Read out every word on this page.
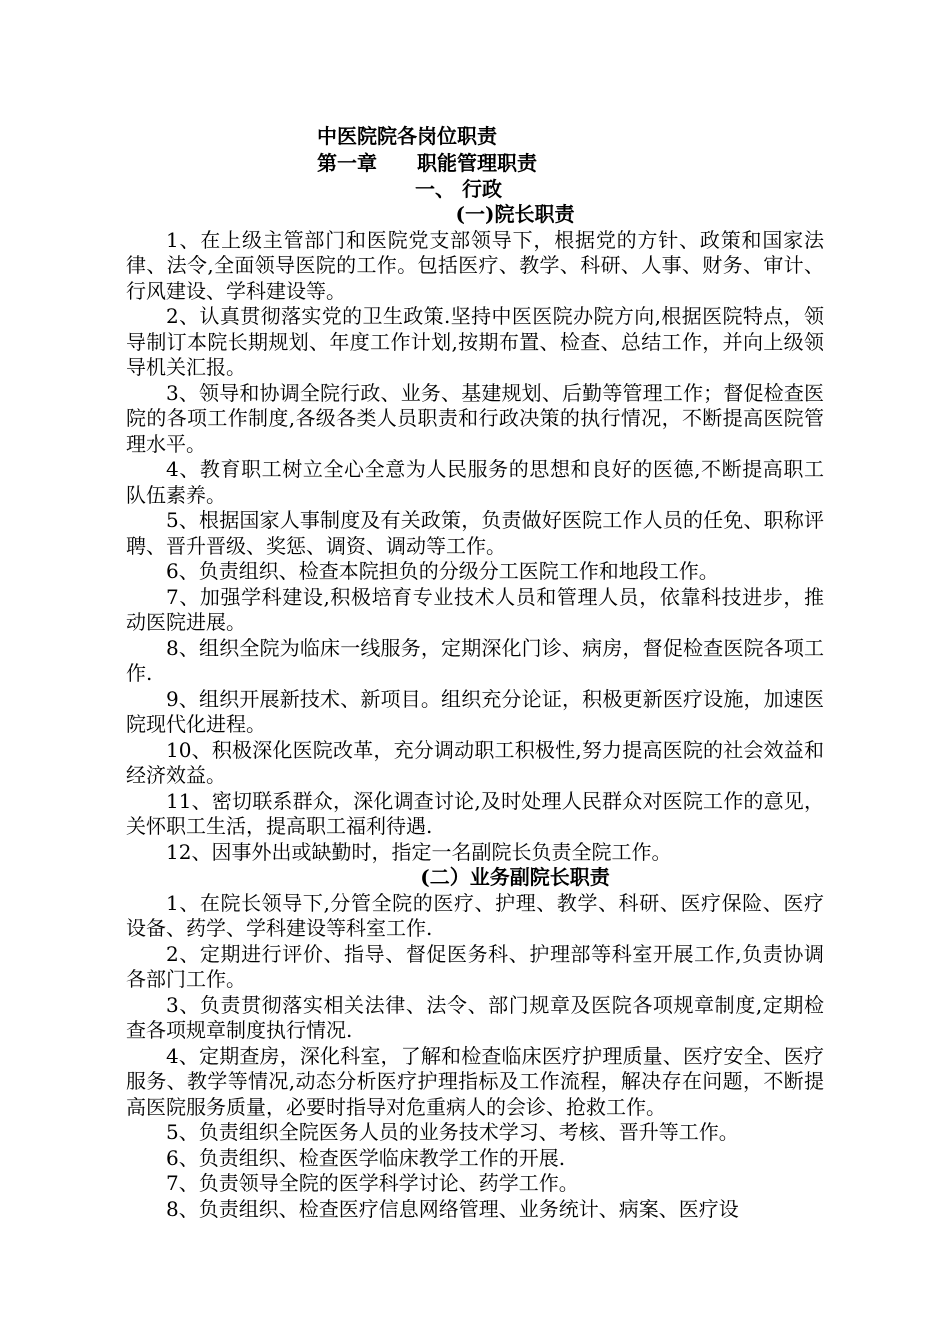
中医院院各岗位职责
第一章　　职能管理职责
一、 行政
(一)院长职责

1、在上级主管部门和医院党支部领导下，根据党的方针、政策和国家法律、法令,全面领导医院的工作。包括医疗、教学、科研、人事、财务、审计、行风建设、学科建设等。

2、认真贯彻落实党的卫生政策.坚持中医医院办院方向,根据医院特点，领导制订本院长期规划、年度工作计划,按期布置、检查、总结工作，并向上级领导机关汇报。

3、领导和协调全院行政、业务、基建规划、后勤等管理工作；督促检查医院的各项工作制度,各级各类人员职责和行政决策的执行情况，不断提高医院管理水平。

4、教育职工树立全心全意为人民服务的思想和良好的医德,不断提高职工队伍素养。

5、根据国家人事制度及有关政策，负责做好医院工作人员的任免、职称评聘、晋升晋级、奖惩、调资、调动等工作。

6、负责组织、检查本院担负的分级分工医院工作和地段工作。

7、加强学科建设,积极培育专业技术人员和管理人员，依靠科技进步，推动医院进展。

8、组织全院为临床一线服务，定期深化门诊、病房，督促检查医院各项工作.

9、组织开展新技术、新项目。组织充分论证，积极更新医疗设施，加速医院现代化进程。

10、积极深化医院改革，充分调动职工积极性,努力提高医院的社会效益和经济效益。

11、密切联系群众，深化调查讨论,及时处理人民群众对医院工作的意见，关怀职工生活，提高职工福利待遇.

12、因事外出或缺勤时，指定一名副院长负责全院工作。

(二）业务副院长职责

1、在院长领导下,分管全院的医疗、护理、教学、科研、医疗保险、医疗设备、药学、学科建设等科室工作.

2、定期进行评价、指导、督促医务科、护理部等科室开展工作,负责协调各部门工作。

3、负责贯彻落实相关法律、法令、部门规章及医院各项规章制度,定期检查各项规章制度执行情况.

4、定期查房，深化科室，了解和检查临床医疗护理质量、医疗安全、医疗服务、教学等情况,动态分析医疗护理指标及工作流程，解决存在问题，不断提高医院服务质量，必要时指导对危重病人的会诊、抢救工作。

5、负责组织全院医务人员的业务技术学习、考核、晋升等工作。

6、负责组织、检查医学临床教学工作的开展.

7、负责领导全院的医学科学讨论、药学工作。

8、负责组织、检查医疗信息网络管理、业务统计、病案、医疗设
